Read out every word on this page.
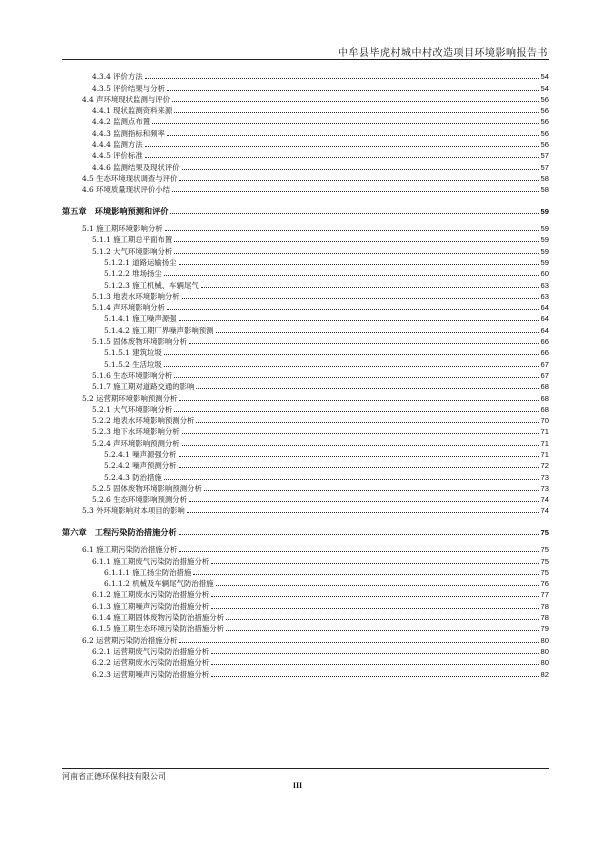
中牟县毕虎村城中村改造项目环境影响报告书
4.3.4 评价方法	54
4.3.5 评价结果与分析	54
4.4 声环境现状监测与评价	56
4.4.1 现状监测资料来源	56
4.4.2 监测点布置	56
4.4.3 监测指标和频率	56
4.4.4 监测方法	56
4.4.5 评价标准	57
4.4.6 监测结果及现状评价	57
4.5 生态环境现状调查与评价	58
4.6 环境质量现状评价小结	58
第五章　环境影响预测和评价	59
5.1 施工期环境影响分析	59
5.1.1 施工期总平面布置	59
5.1.2 大气环境影响分析	59
5.1.2.1 道路运输扬尘	59
5.1.2.2 堆场扬尘	60
5.1.2.3 施工机械、车辆尾气	63
5.1.3 地表水环境影响分析	63
5.1.4 声环境影响分析	64
5.1.4.1 施工噪声源强	64
5.1.4.2 施工期厂界噪声影响预测	64
5.1.5 固体废物环境影响分析	66
5.1.5.1 建筑垃圾	66
5.1.5.2 生活垃圾	67
5.1.6 生态环境影响分析	67
5.1.7 施工期对道路交通的影响	68
5.2 运营期环境影响预测分析	68
5.2.1 大气环境影响分析	68
5.2.2 地表水环境影响预测分析	70
5.2.3 地下水环境影响分析	71
5.2.4 声环境影响预测分析	71
5.2.4.1 噪声源强分析	71
5.2.4.2 噪声预测分析	72
5.2.4.3 防治措施	73
5.2.5 固体废物环境影响预测分析	73
5.2.6 生态环境影响预测分析	74
5.3 外环境影响对本项目的影响	74
第六章　工程污染防治措施分析	75
6.1 施工期污染防治措施分析	75
6.1.1 施工期废气污染防治措施分析	75
6.1.1.1 施工扬尘防治措施	75
6.1.1.2 机械及车辆尾气防治措施	76
6.1.2 施工期废水污染防治措施分析	77
6.1.3 施工期噪声污染防治措施分析	78
6.1.4 施工期固体废物污染防治措施分析	78
6.1.5 施工期生态环境污染防治措施分析	79
6.2 运营期污染防治措施分析	80
6.2.1 运营期废气污染防治措施分析	80
6.2.2 运营期废水污染防治措施分析	80
6.2.3 运营期噪声污染防治措施分析	82
河南省正德环保科技有限公司
III
